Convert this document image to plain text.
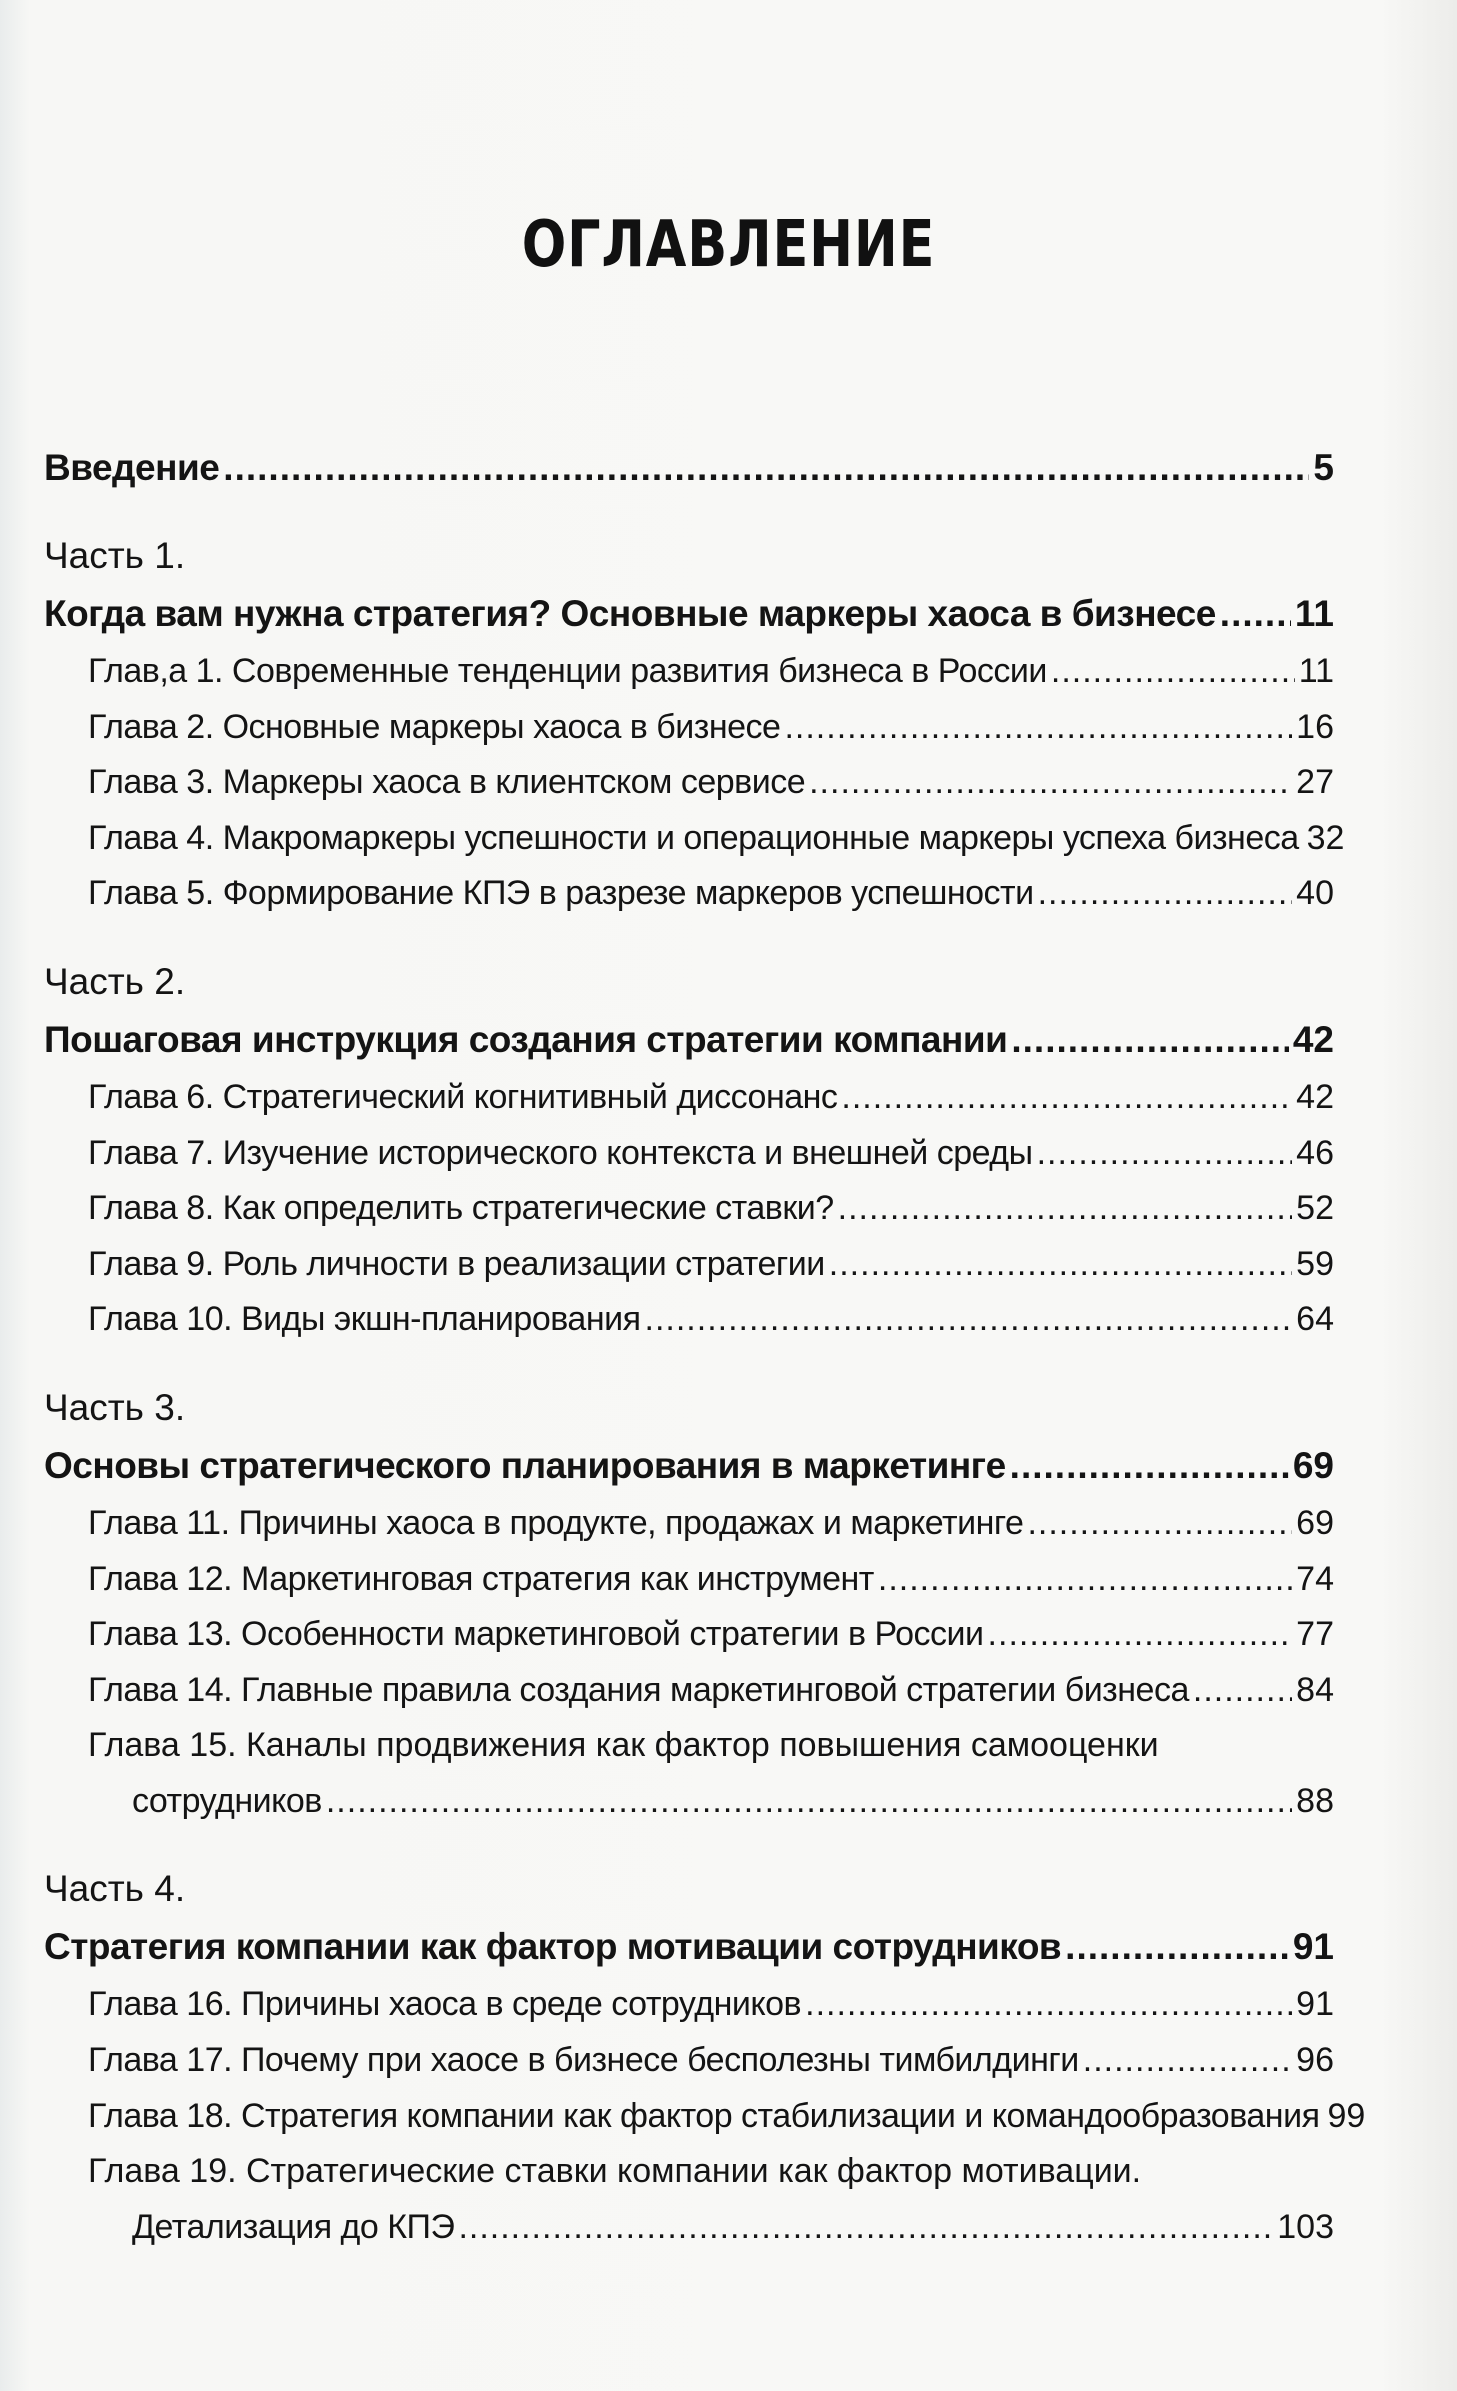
ОГЛАВЛЕНИЕ
Введение .....	5
Часть 1.
Когда вам нужна стратегия? Основные маркеры хаоса в бизнесе ..... 11
Глав,а 1. Современные тенденции развития бизнеса в России .....	11
Глава 2. Основные маркеры хаоса в бизнесе .....	16
Глава 3. Маркеры хаоса в клиентском сервисе .....	27
Глава 4. Макромаркеры успешности и операционные маркеры успеха бизнеса 32
Глава 5. Формирование КПЭ в разрезе маркеров успешности .....	40
Часть 2.
Пошаговая инструкция создания стратегии компании .....	42
Глава 6. Стратегический когнитивный диссонанс .....	42
Глава 7. Изучение исторического контекста и внешней среды .....	46
Глава 8. Как определить стратегические ставки? .....	52
Глава 9. Роль личности в реализации стратегии .....	59
Глава 10. Виды экшн-планирования .....	64
Часть 3.
Основы стратегического планирования в маркетинге .....	69
Глава 11. Причины хаоса в продукте, продажах и маркетинге .....	69
Глава 12. Маркетинговая стратегия как инструмент .....	74
Глава 13. Особенности маркетинговой стратегии в России .....	77
Глава 14. Главные правила создания маркетинговой стратегии бизнеса .....	84
Глава 15. Каналы продвижения как фактор повышения самооценки
сотрудников .....	88
Часть 4.
Стратегия компании как фактор мотивации сотрудников .....	91
Глава 16. Причины хаоса в среде сотрудников .....	91
Глава 17. Почему при хаосе в бизнесе бесполезны тимбилдинги .....	96
Глава 18. Стратегия компании как фактор стабилизации и командообразования 99
Глава 19. Стратегические ставки компании как фактор мотивации.
Детализация до КПЭ .....	103
